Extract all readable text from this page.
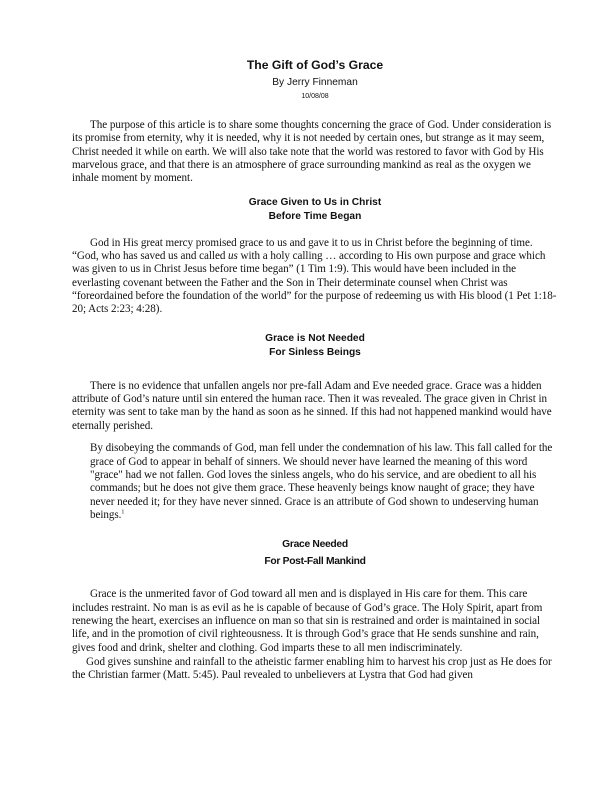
The Gift of God’s Grace
By Jerry Finneman
10/08/08

The purpose of this article is to share some thoughts concerning the grace of God. Under consideration is its promise from eternity, why it is needed, why it is not needed by certain ones, but strange as it may seem, Christ needed it while on earth. We will also take note that the world was restored to favor with God by His marvelous grace, and that there is an atmosphere of grace surrounding mankind as real as the oxygen we inhale moment by moment.

Grace Given to Us in Christ
Before Time Began

God in His great mercy promised grace to us and gave it to us in Christ before the beginning of time. “God, who has saved us and called us with a holy calling … according to His own purpose and grace which was given to us in Christ Jesus before time began” (1 Tim 1:9). This would have been included in the everlasting covenant between the Father and the Son in Their determinate counsel when Christ was “foreordained before the foundation of the world” for the purpose of redeeming us with His blood (1 Pet 1:18-20; Acts 2:23; 4:28).

Grace is Not Needed
For Sinless Beings

There is no evidence that unfallen angels nor pre-fall Adam and Eve needed grace. Grace was a hidden attribute of God’s nature until sin entered the human race. Then it was revealed. The grace given in Christ in eternity was sent to take man by the hand as soon as he sinned. If this had not happened mankind would have eternally perished.

By disobeying the commands of God, man fell under the condemnation of his law. This fall called for the grace of God to appear in behalf of sinners. We should never have learned the meaning of this word "grace" had we not fallen. God loves the sinless angels, who do his service, and are obedient to all his commands; but he does not give them grace. These heavenly beings know naught of grace; they have never needed it; for they have never sinned. Grace is an attribute of God shown to undeserving human beings.$^1$

Grace Needed
For Post-Fall Mankind

Grace is the unmerited favor of God toward all men and is displayed in His care for them. This care includes restraint. No man is as evil as he is capable of because of God’s grace. The Holy Spirit, apart from renewing the heart, exercises an influence on man so that sin is restrained and order is maintained in social life, and in the promotion of civil righteousness. It is through God’s grace that He sends sunshine and rain, gives food and drink, shelter and clothing. God imparts these to all men indiscriminately.

God gives sunshine and rainfall to the atheistic farmer enabling him to harvest his crop just as He does for the Christian farmer (Matt. 5:45). Paul revealed to unbelievers at Lystra that God had given
